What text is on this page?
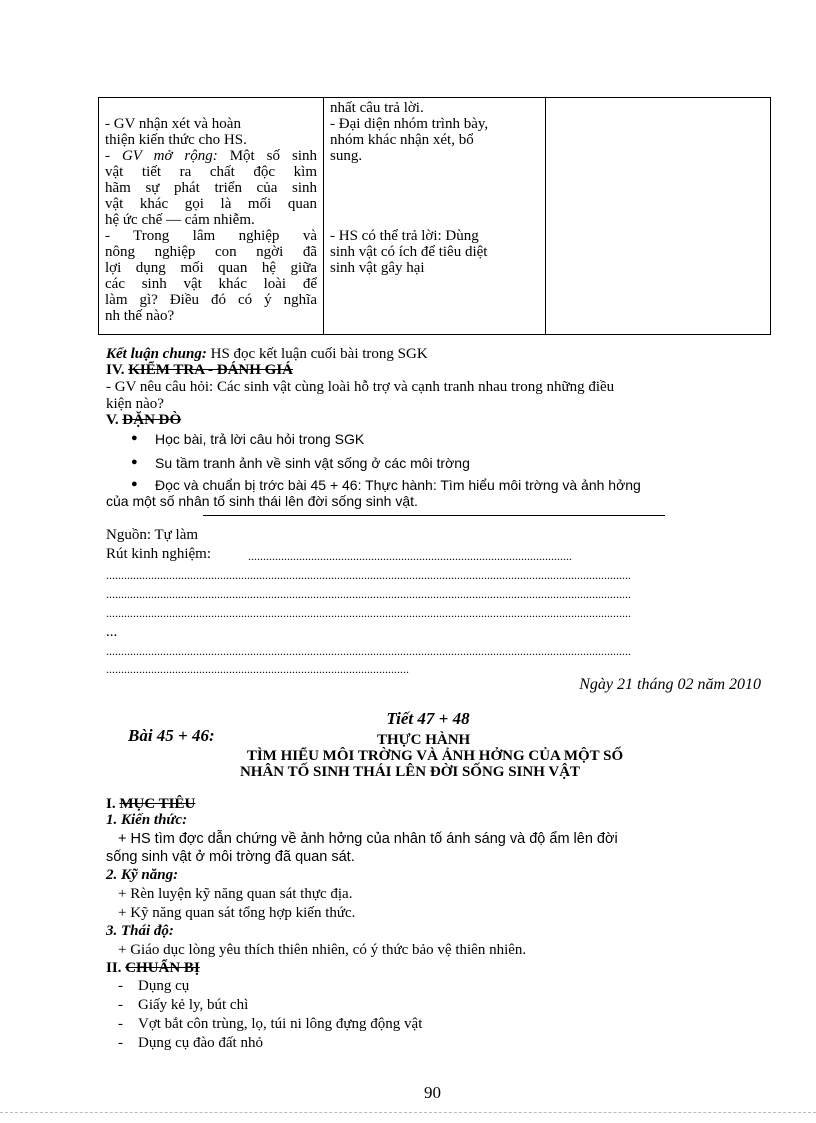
- GV nhận xét và hoàn
thiện kiến thức cho HS.
- GV mở rộng: Một số sinh
vật tiết ra chất độc kìm
hãm sự phát triển của sinh
vật khác gọi là mối quan
hệ ức chế — cảm nhiễm.
- Trong lâm nghiệp và
nông nghiệp con ngời đã
lợi dụng mối quan hệ giữa
các sinh vật khác loài để
làm gì? Điều đó có ý nghĩa
nh thế nào?
nhất câu trả lời.
- Đại diện nhóm trình bày,
nhóm khác nhận xét, bổ
sung.
- HS có thể trả lời: Dùng
sinh vật có ích để tiêu diệt
sinh vật gây hại
Kết luận chung: HS đọc kết luận cuối bài trong SGK
IV. KIỂM TRA - ĐÁNH GIÁ
- GV nêu câu hỏi: Các sinh vật cùng loài hỗ trợ và cạnh tranh nhau trong những điều
kiện nào?
V. DẶN DÒ
● Học bài, trả lời câu hỏi trong SGK
● Su tầm tranh ảnh về sinh vật sống ở các môi trờng
● Đọc và chuẩn bị trớc bài 45 + 46: Thực hành: Tìm hiểu môi trờng và ảnh hởng
của một số nhân tố sinh thái lên đời sống sinh vật.
Nguồn: Tự làm
Rút kinh nghiệm:	............................................................................................................
...............................................................................................................................................................................
...............................................................................................................................................................................
...............................................................................................................................................................................
...
...............................................................................................................................................................................
.....................................................................................................
Ngày 21 tháng 02 năm 2010
Tiết 47 + 48
Bài 45 + 46:	THỰC HÀNH
TÌM HIỂU MÔI TRỜNG VÀ ẢNH HỞNG CỦA MỘT SỐ
NHÂN TỐ SINH THÁI LÊN ĐỜI SỐNG SINH VẬT
I. MỤC TIÊU
1. Kiến thức:
+ HS tìm đợc dẫn chứng về ảnh hởng của nhân tố ánh sáng và độ ẩm lên đời
sống sinh vật ở môi trờng đã quan sát.
2. Kỹ năng:
+ Rèn luyện kỹ năng quan sát thực địa.
+ Kỹ năng quan sát tổng hợp kiến thức.
3. Thái độ:
+ Giáo dục lòng yêu thích thiên nhiên, có ý thức bảo vệ thiên nhiên.
II. CHUẨN BỊ
-    Dụng cụ
-    Giấy kẻ ly, bút chì
-    Vợt bắt côn trùng, lọ, túi ni lông đựng động vật
-    Dụng cụ đào đất nhỏ
90
